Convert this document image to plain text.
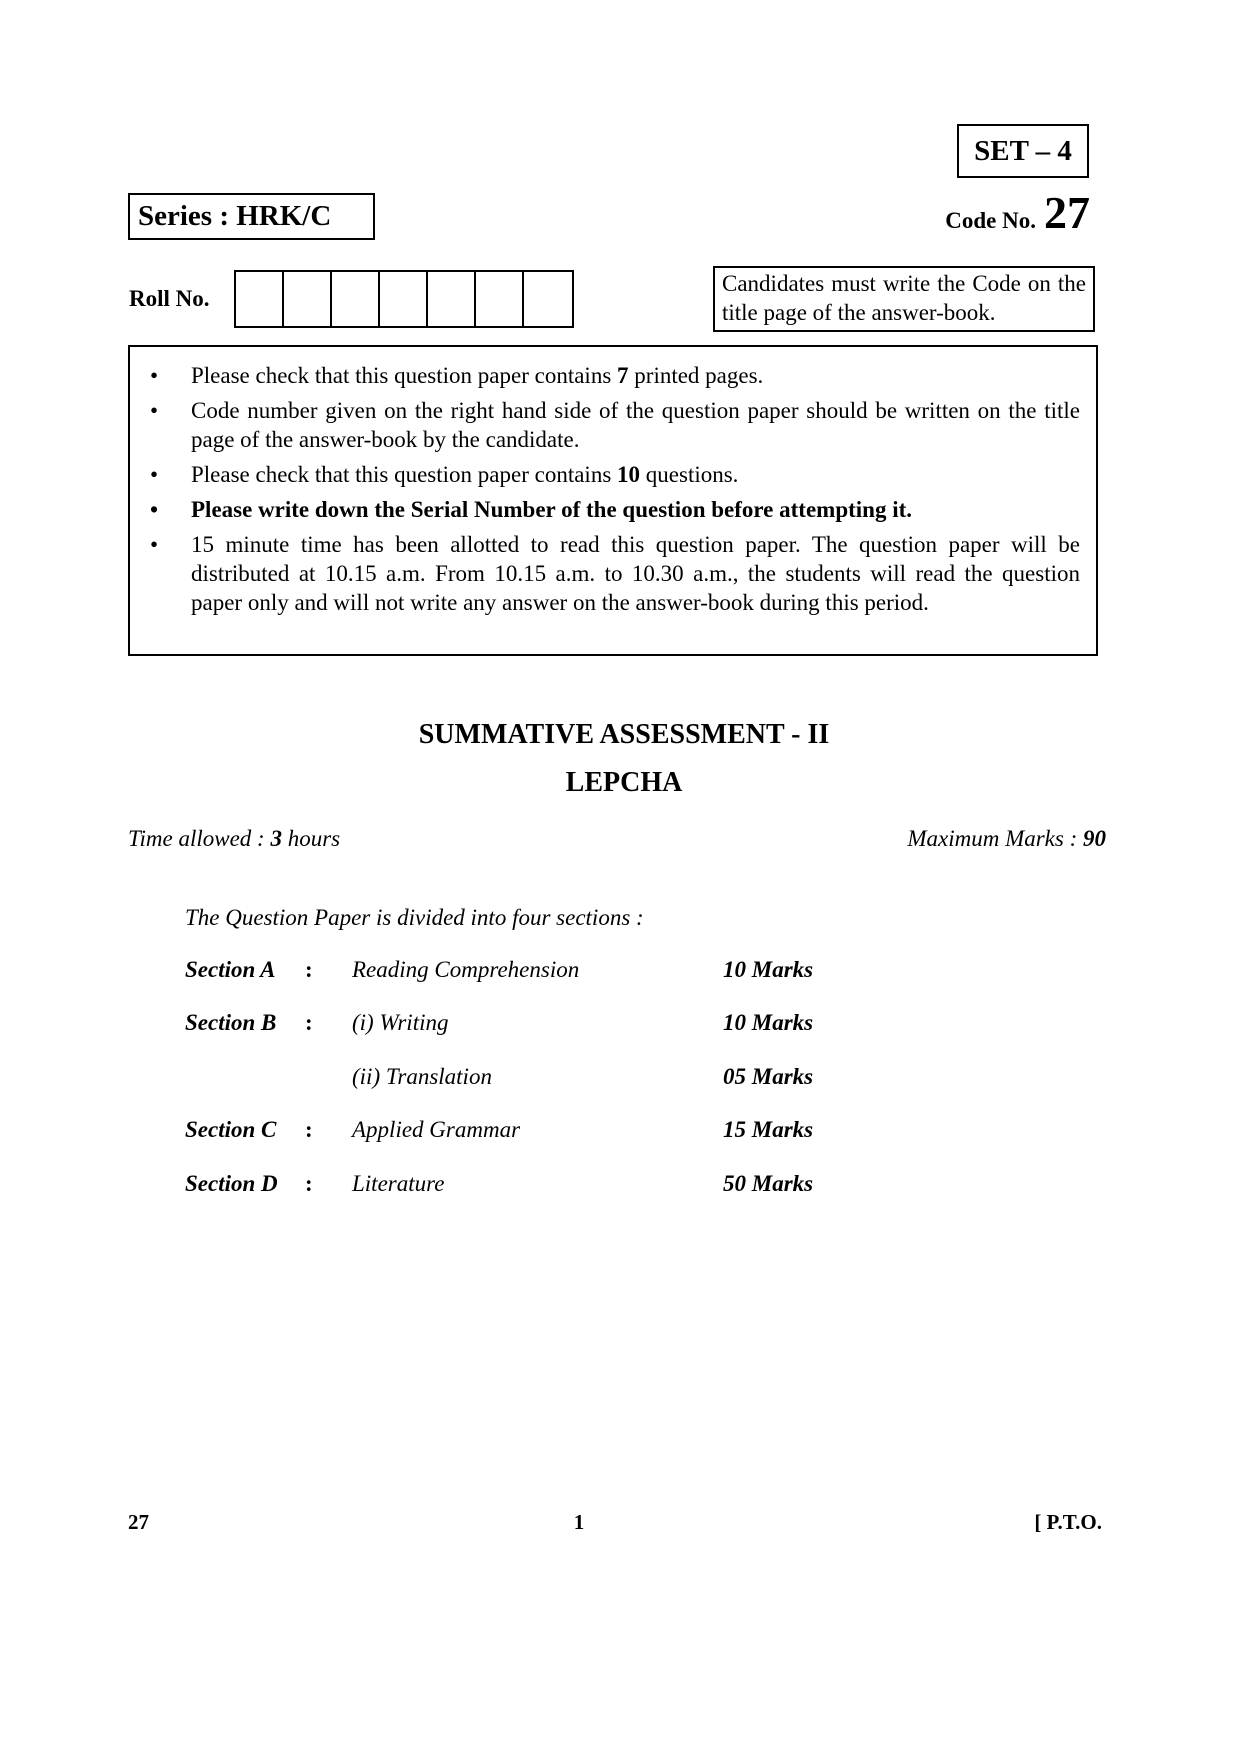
SET – 4
Series : HRK/C	Code No. 27
Roll No.
Candidates must write the Code on the title page of the answer-book.
• Please check that this question paper contains 7 printed pages.
• Code number given on the right hand side of the question paper should be written on the title page of the answer-book by the candidate.
• Please check that this question paper contains 10 questions.
• Please write down the Serial Number of the question before attempting it.
• 15 minute time has been allotted to read this question paper. The question paper will be distributed at 10.15 a.m. From 10.15 a.m. to 10.30 a.m., the students will read the question paper only and will not write any answer on the answer-book during this period.
SUMMATIVE ASSESSMENT - II
LEPCHA
Time allowed : 3 hours	Maximum Marks : 90
The Question Paper is divided into four sections :
Section A : Reading Comprehension	10 Marks
Section B : (i) Writing	10 Marks
(ii) Translation	05 Marks
Section C : Applied Grammar	15 Marks
Section D : Literature	50 Marks
27	1	[ P.T.O.
